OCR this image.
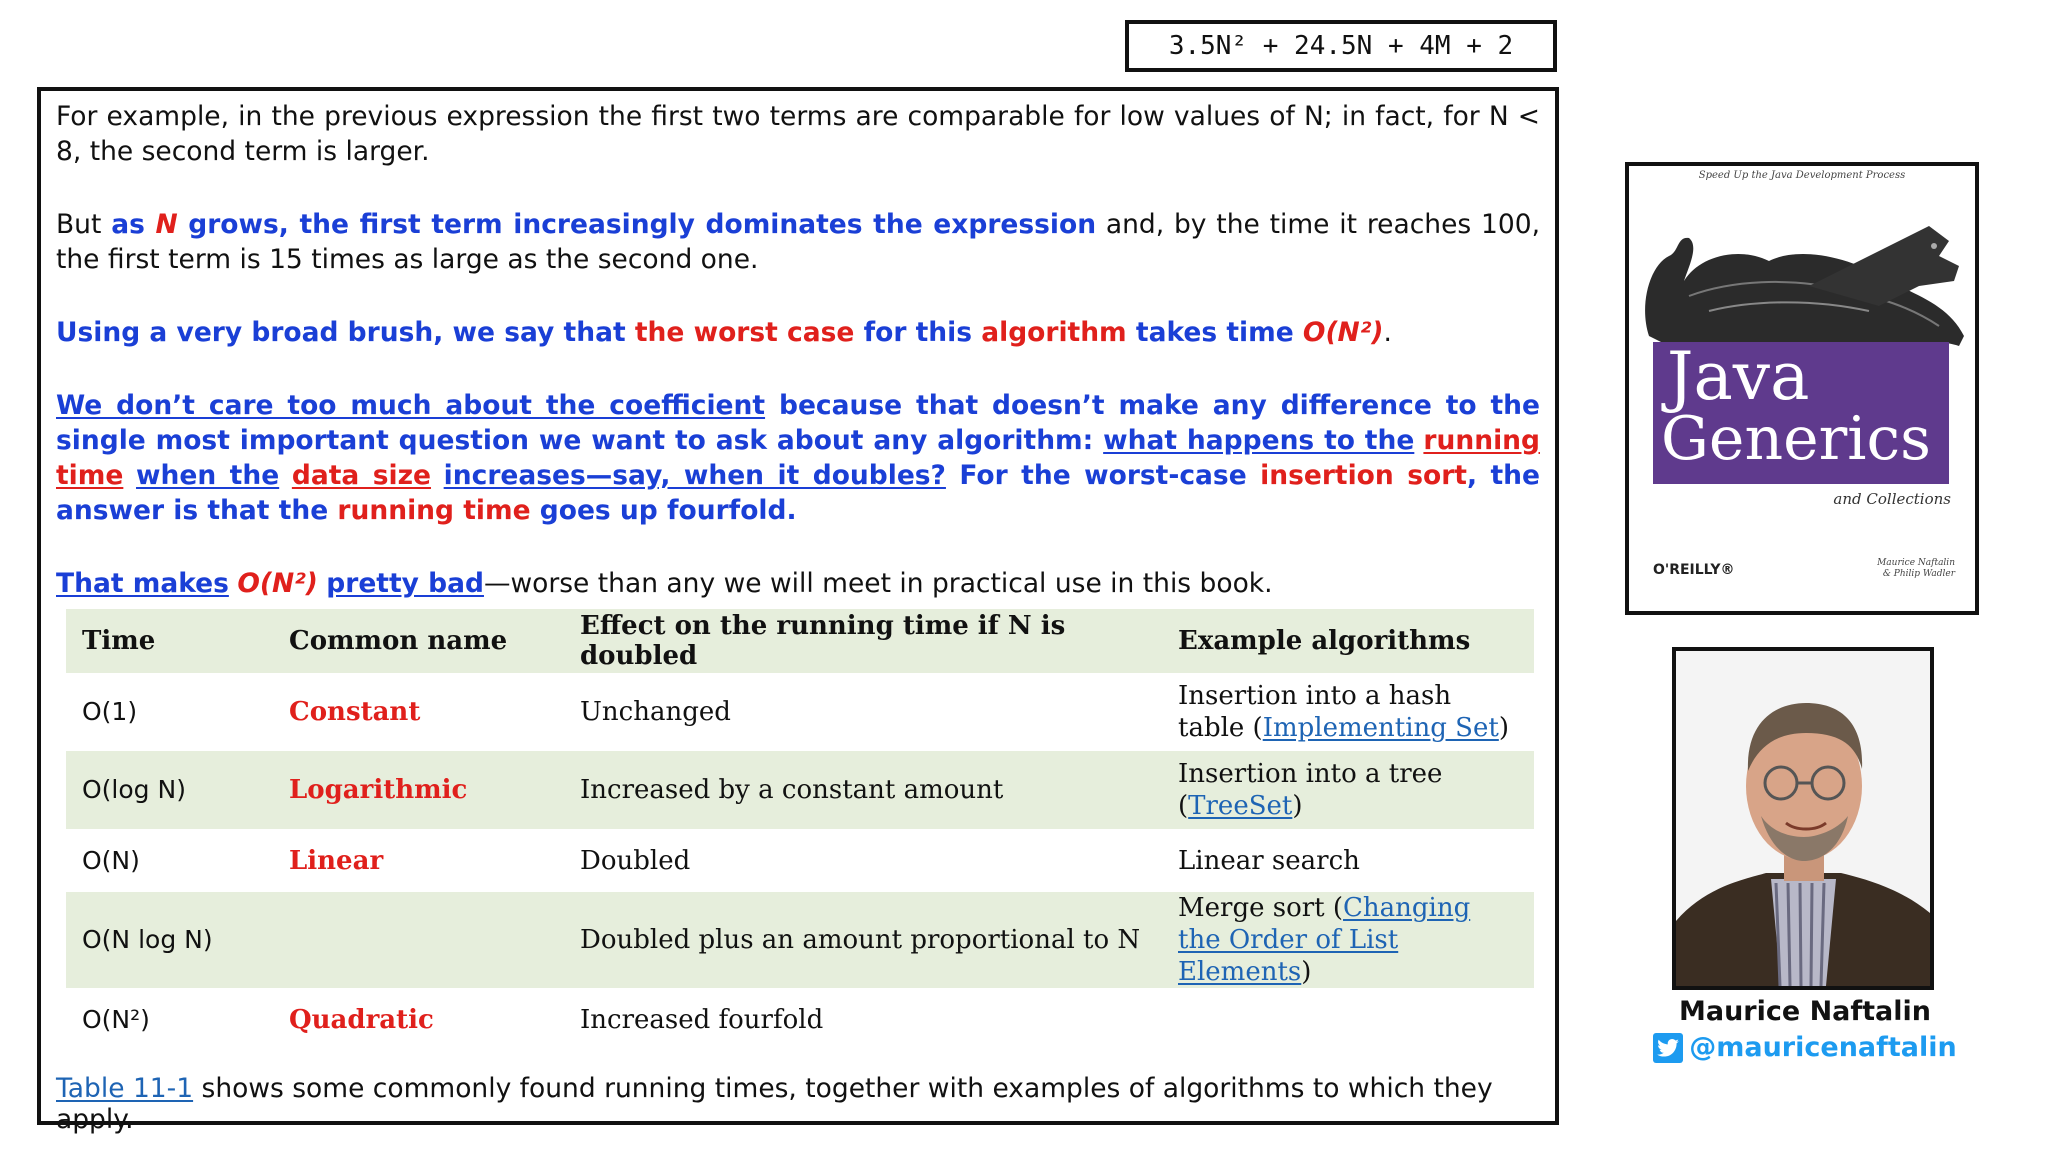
3.5N² + 24.5N + 4M + 2

For example, in the previous expression the first two terms are comparable for low values of N; in fact, for N < 8, the second term is larger.

But as N grows, the first term increasingly dominates the expression and, by the time it reaches 100, the first term is 15 times as large as the second one.

Using a very broad brush, we say that the worst case for this algorithm takes time O(N²).

We don’t care too much about the coefficient because that doesn’t make any difference to the single most important question we want to ask about any algorithm: what happens to the running time when the data size increases—say, when it doubles? For the worst-case insertion sort, the answer is that the running time goes up fourfold.

That makes O(N²) pretty bad—worse than any we will meet in practical use in this book.

Time	Common name	Effect on the running time if N is doubled	Example algorithms
O(1)	Constant	Unchanged	Insertion into a hash table (Implementing Set)
O(log N)	Logarithmic	Increased by a constant amount	Insertion into a tree (TreeSet)
O(N)	Linear	Doubled	Linear search
O(N log N)		Doubled plus an amount proportional to N	Merge sort (Changing the Order of List Elements)
O(N²)	Quadratic	Increased fourfold	
Table 11-1 shows some commonly found running times, together with examples of algorithms to which they apply.
Speed Up the Java Development Process
Java
Generics
and Collections
O'REILLY®	Maurice Naftalin
& Philip Wadler
Maurice Naftalin
@mauricenaftalin
